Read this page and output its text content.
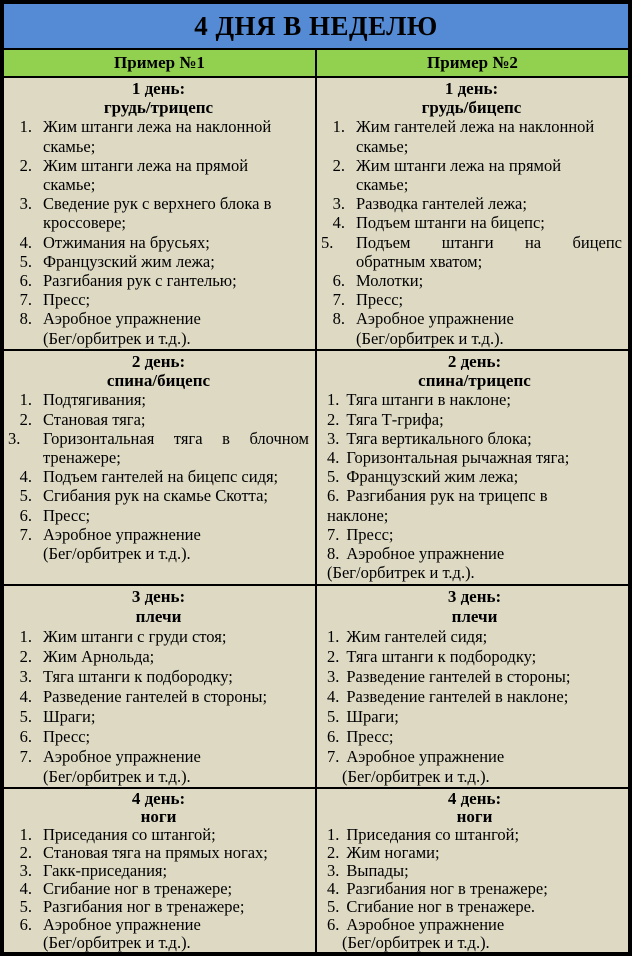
4 ДНЯ В НЕДЕЛЮ
Пример №1	Пример №2
1 день:
грудь/трицепс
1. Жим штанги лежа на наклонной
скамье;
2. Жим штанги лежа на прямой
скамье;
3. Сведение рук с верхнего блока в
кроссовере;
4. Отжимания на брусьях;
5. Французский жим лежа;
6. Разгибания рук с гантелью;
7. Пресс;
8. Аэробное упражнение
(Бег/орбитрек и т.д.).
1 день:
грудь/бицепс
1. Жим гантелей лежа на наклонной
скамье;
2. Жим штанги лежа на прямой
скамье;
3. Разводка гантелей лежа;
4. Подъем штанги на бицепс;
5. Подъем штанги на бицепс
обратным хватом;
6. Молотки;
7. Пресс;
8. Аэробное упражнение
(Бег/орбитрек и т.д.).
2 день:
спина/бицепс
1. Подтягивания;
2. Становая тяга;
3. Горизонтальная тяга в блочном
тренажере;
4. Подъем гантелей на бицепс сидя;
5. Сгибания рук на скамье Скотта;
6. Пресс;
7. Аэробное упражнение
(Бег/орбитрек и т.д.).
2 день:
спина/трицепс
1. Тяга штанги в наклоне;
2. Тяга Т-грифа;
3. Тяга вертикального блока;
4. Горизонтальная рычажная тяга;
5. Французский жим лежа;
6. Разгибания рук на трицепс в
наклоне;
7. Пресс;
8. Аэробное упражнение
(Бег/орбитрек и т.д.).
3 день:
плечи
1. Жим штанги с груди стоя;
2. Жим Арнольда;
3. Тяга штанги к подбородку;
4. Разведение гантелей в стороны;
5. Шраги;
6. Пресс;
7. Аэробное упражнение
(Бег/орбитрек и т.д.).
3 день:
плечи
1. Жим гантелей сидя;
2. Тяга штанги к подбородку;
3. Разведение гантелей в стороны;
4. Разведение гантелей в наклоне;
5. Шраги;
6. Пресс;
7. Аэробное упражнение
(Бег/орбитрек и т.д.).
4 день:
ноги
1. Приседания со штангой;
2. Становая тяга на прямых ногах;
3. Гакк-приседания;
4. Сгибание ног в тренажере;
5. Разгибания ног в тренажере;
6. Аэробное упражнение
(Бег/орбитрек и т.д.).
4 день:
ноги
1. Приседания со штангой;
2. Жим ногами;
3. Выпады;
4. Разгибания ног в тренажере;
5. Сгибание ног в тренажере.
6. Аэробное упражнение
(Бег/орбитрек и т.д.).
